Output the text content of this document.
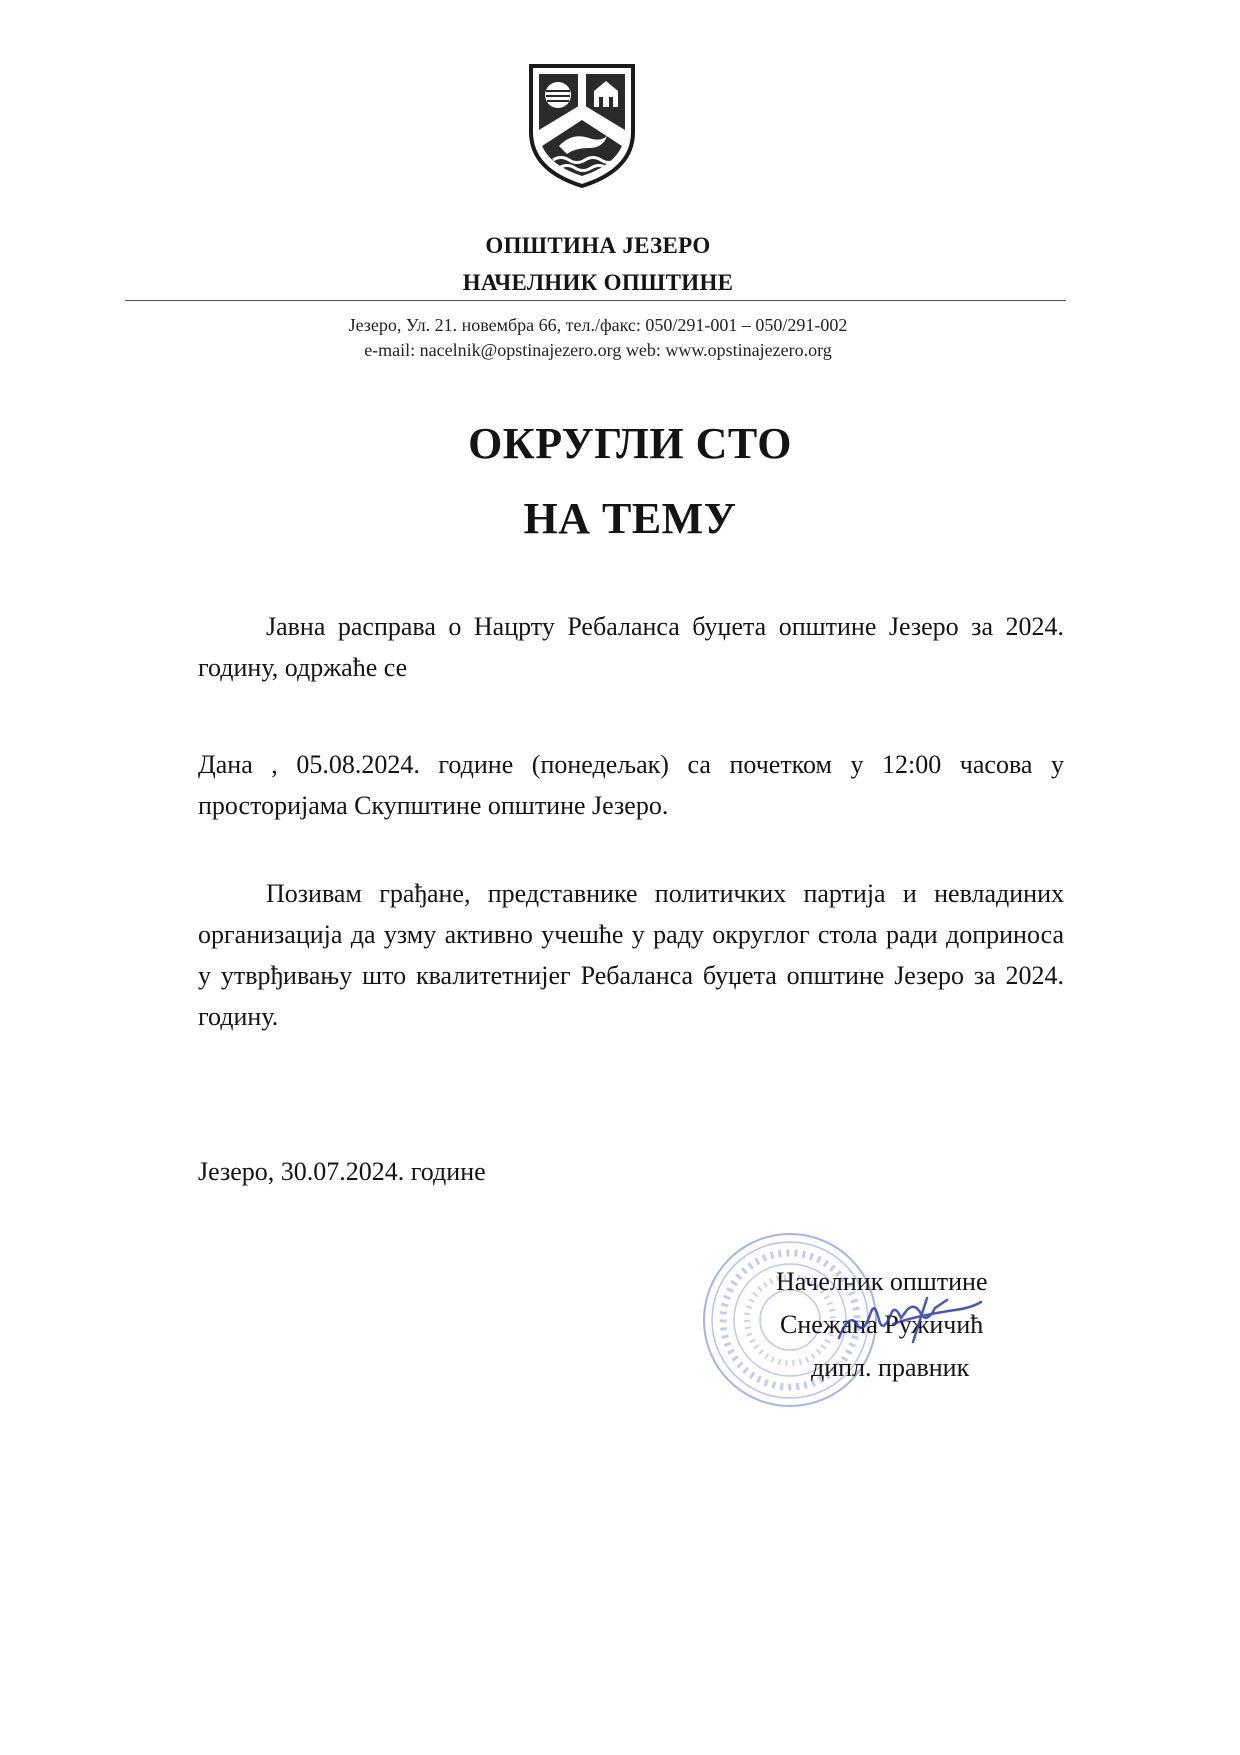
ОПШТИНА ЈЕЗЕРО
НАЧЕЛНИК ОПШТИНЕ
Језеро, Ул. 21. новембра 66, тел./факс: 050/291-001 – 050/291-002
e-mail: nacelnik@opstinajezero.org web: www.opstinajezero.org
ОКРУГЛИ СТО
НА ТЕМУ
Јавна расправа о Нацрту Ребаланса буџета општине Језеро за 2024. годину, одржаће се
Дана , 05.08.2024. године (понедељак) са почетком у 12:00 часова у просторијама Скупштине општине Језеро.
Позивам грађане, представнике политичких партија и невладиних организација да узму активно учешће у раду округлог стола ради доприноса у утврђивању што квалитетнијег Ребаланса буџета општине Језеро за 2024. годину.
Језеро, 30.07.2024. године
Начелник општине
Снежана Ружичић
дипл. правник
